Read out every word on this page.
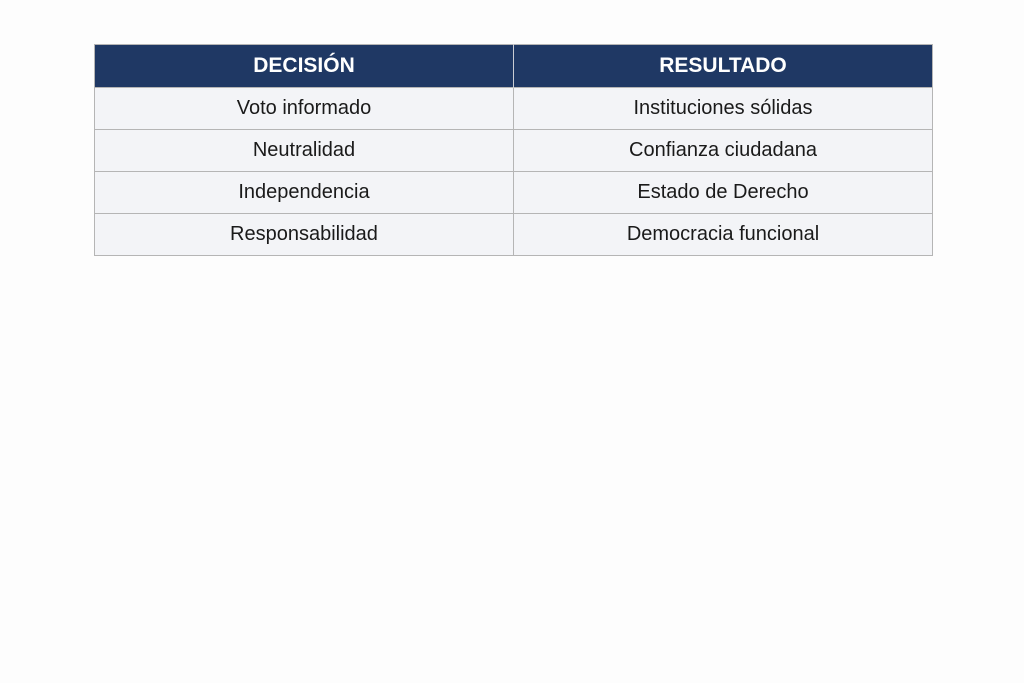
DECISIÓN	RESULTADO
Voto informado	Instituciones sólidas
Neutralidad	Confianza ciudadana
Independencia	Estado de Derecho
Responsabilidad	Democracia funcional
